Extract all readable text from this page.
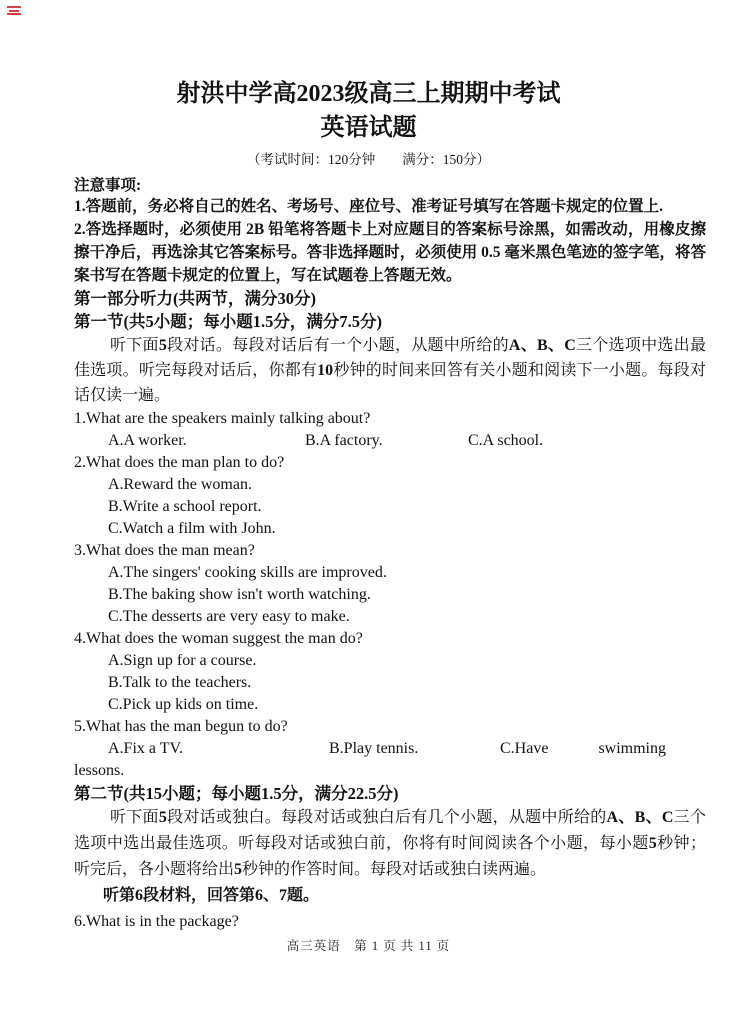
射洪中学高2023级高三上期期中考试
英语试题
（考试时间：120分钟　　满分：150分）
注意事项:
1.答题前，务必将自己的姓名、考场号、座位号、准考证号填写在答题卡规定的位置上.
2.答选择题时，必须使用 2B 铅笔将答题卡上对应题目的答案标号涂黑，如需改动，用橡皮擦擦干净后，再选涂其它答案标号。答非选择题时，必须使用 0.5 毫米黑色笔迹的签字笔，将答案书写在答题卡规定的位置上，写在试题卷上答题无效。
第一部分听力(共两节，满分30分)
第一节(共5小题；每小题1.5分，满分7.5分)

听下面5段对话。每段对话后有一个小题，从题中所给的A、B、C三个选项中选出最佳选项。听完每段对话后，你都有10秒钟的时间来回答有关小题和阅读下一小题。每段对话仅读一遍。

1.What are the speakers mainly talking about?
A.A worker.	B.A factory.	C.A school.
2.What does the man plan to do?
A.Reward the woman.
B.Write a school report.
C.Watch a film with John.
3.What does the man mean?
A.The singers' cooking skills are improved.
B.The baking show isn't worth watching.
C.The desserts are very easy to make.
4.What does the woman suggest the man do?
A.Sign up for a course.
B.Talk to the teachers.
C.Pick up kids on time.
5.What has the man begun to do?
A.Fix a TV.	B.Play tennis.	C.Have	swimming
lessons.
第二节(共15小题；每小题1.5分，满分22.5分)

听下面5段对话或独白。每段对话或独白后有几个小题，从题中所给的A、B、C三个选项中选出最佳选项。听每段对话或独白前，你将有时间阅读各个小题，每小题5秒钟；听完后，各小题将给出5秒钟的作答时间。每段对话或独白读两遍。

听第6段材料，回答第6、7题。

6.What is in the package?
高三英语　第 1 页 共 11 页
